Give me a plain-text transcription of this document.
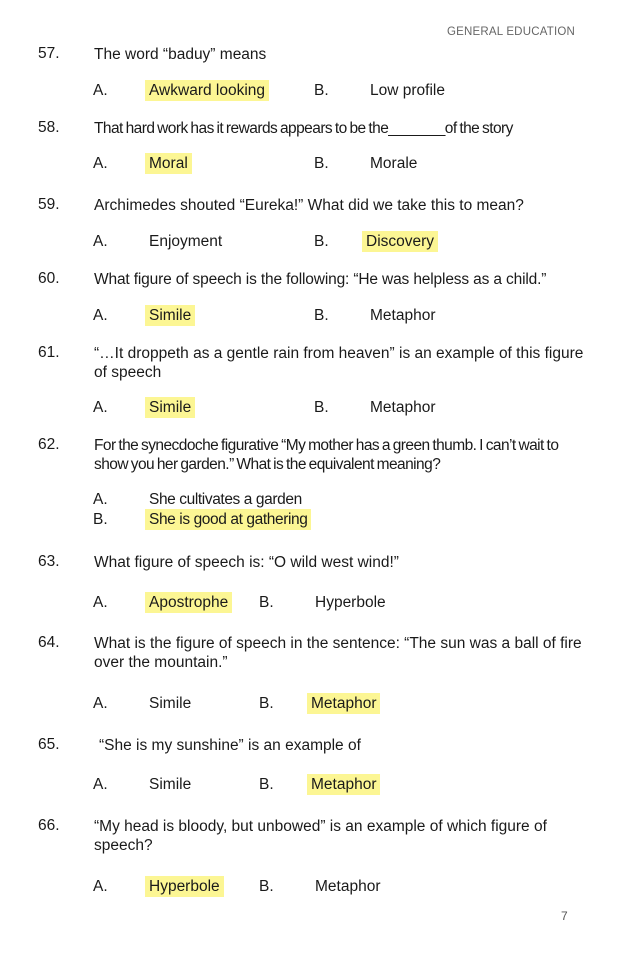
GENERAL EDUCATION
57. The word “baduy” means
A.	Awkward looking	B.	Low profile
58. That hard work has it rewards appears to be the_______of the story
A.	Moral	B.	Morale
59. Archimedes shouted “Eureka!” What did we take this to mean?
A.	Enjoyment	B. Discovery
60. What figure of speech is the following: “He was helpless as a child.”
A.	Simile	B.	Metaphor
61. “…It droppeth as a gentle rain from heaven” is an example of this figure of speech
A.	Simile	B.	Metaphor
62. For the synecdoche figurative “My mother has a green thumb. I can’t wait to show you her garden.” What is the equivalent meaning?
A.	She cultivates a garden
B.	She is good at gathering
63. What figure of speech is: “O wild west wind!”
A.	Apostrophe B.	Hyperbole
64. What is the figure of speech in the sentence: “The sun was a ball of fire over the mountain.”
A.	Simile	B. Metaphor
65.	“She is my sunshine” is an example of
A.	Simile	B. Metaphor
66. “My head is bloody, but unbowed” is an example of which figure of speech?
A.	Hyperbole	B.	Metaphor
7
